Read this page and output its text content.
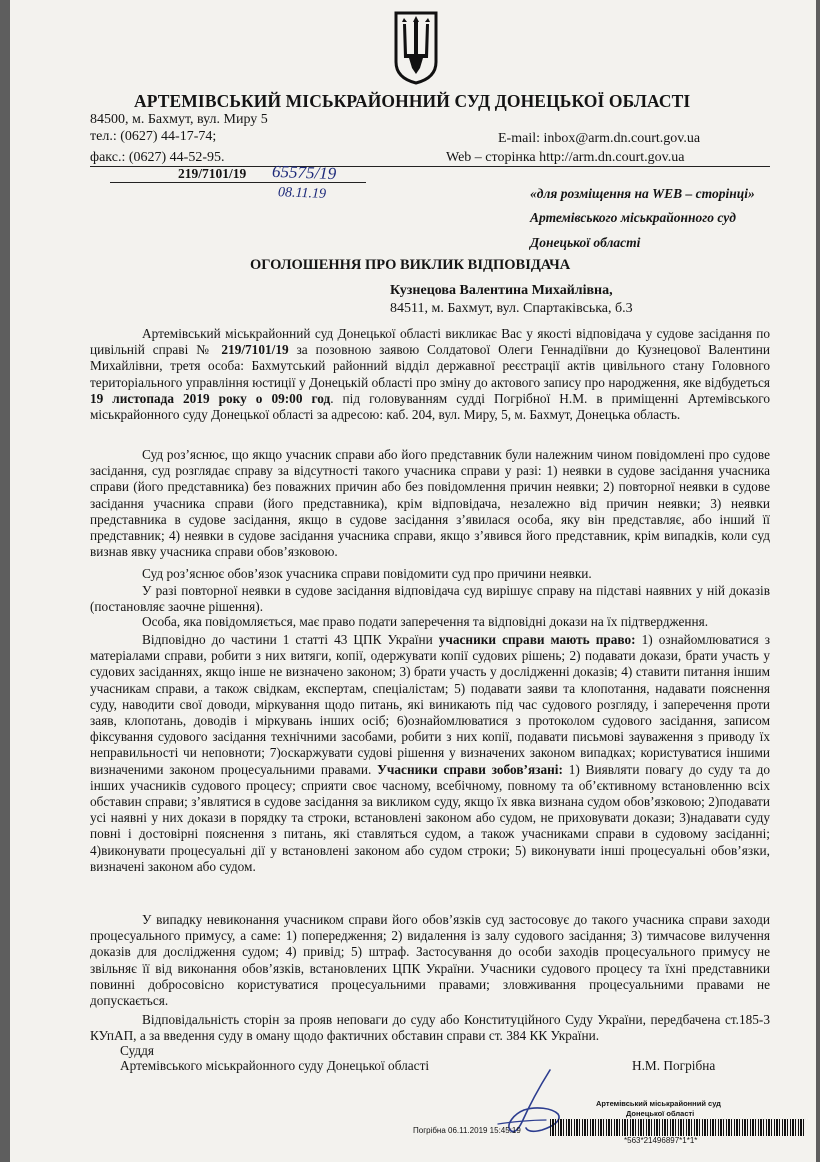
АРТЕМІВСЬКИЙ МІСЬКРАЙОННИЙ СУД ДОНЕЦЬКОЇ ОБЛАСТІ
84500, м. Бахмут, вул. Миру 5
тел.: (0627) 44-17-74;
факс.: (0627) 44-52-95.
E-mail: inbox@arm.dn.court.gov.ua
Web – сторінка http://arm.dn.court.gov.ua
219/7101/19 65575/19
08.11.19	«для розміщення на WEB – сторінці»
Артемівського міськрайонного суд
Донецької області
ОГОЛОШЕННЯ ПРО ВИКЛИК ВІДПОВІДАЧА
Кузнецова Валентина Михайлівна,
84511, м. Бахмут, вул. Спартаківська, б.3

Артемівський міськрайонний суд Донецької області викликає Вас у якості відповідача у судове засідання по цивільній справі № 219/7101/19 за позовною заявою Солдатової Олеги Геннадіївни до Кузнецової Валентини Михайлівни, третя особа: Бахмутський районний відділ державної реєстрації актів цивільного стану Головного територіального управління юстиції у Донецькій області про зміну до актового запису про народження, яке відбудеться 19 листопада 2019 року о 09:00 год. під головуванням судді Погрібної Н.М. в приміщенні Артемівського міськрайонного суду Донецької області за адресою: каб. 204, вул. Миру, 5, м. Бахмут, Донецька область.

Суд роз’яснює, що якщо учасник справи або його представник були належним чином повідомлені про судове засідання, суд розглядає справу за відсутності такого учасника справи у разі: 1) неявки в судове засідання учасника справи (його представника) без поважних причин або без повідомлення причин неявки; 2) повторної неявки в судове засідання учасника справи (його представника), крім відповідача, незалежно від причин неявки; 3) неявки представника в судове засідання, якщо в судове засідання з’явилася особа, яку він представляє, або інший її представник; 4) неявки в судове засідання учасника справи, якщо з’явився його представник, крім випадків, коли суд визнав явку учасника справи обов’язковою.

Суд роз’яснює обов’язок учасника справи повідомити суд про причини неявки.

У разі повторної неявки в судове засідання відповідача суд вирішує справу на підставі наявних у ній доказів (постановляє заочне рішення).

Особа, яка повідомляється, має право подати заперечення та відповідні докази на їх підтвердження.

Відповідно до частини 1 статті 43 ЦПК України учасники справи мають право: 1) ознайомлюватися з матеріалами справи, робити з них витяги, копії, одержувати копії судових рішень; 2) подавати докази, брати участь у судових засіданнях, якщо інше не визначено законом; 3) брати участь у дослідженні доказів; 4) ставити питання іншим учасникам справи, а також свідкам, експертам, спеціалістам; 5) подавати заяви та клопотання, надавати пояснення суду, наводити свої доводи, міркування щодо питань, які виникають під час судового розгляду, і заперечення проти заяв, клопотань, доводів і міркувань інших осіб; 6)ознайомлюватися з протоколом судового засідання, записом фіксування судового засідання технічними засобами, робити з них копії, подавати письмові зауваження з приводу їх неправильності чи неповноти; 7)оскаржувати судові рішення у визначених законом випадках; користуватися іншими визначеними законом процесуальними правами. Учасники справи зобов’язані: 1) Виявляти повагу до суду та до інших учасників судового процесу; сприяти своє часному, всебічному, повному та об’єктивному встановленню всіх обставин справи; з’являтися в судове засідання за викликом суду, якщо їх явка визнана судом обов’язковою; 2)подавати усі наявні у них докази в порядку та строки, встановлені законом або судом, не приховувати докази; 3)надавати суду повні і достовірні пояснення з питань, які ставляться судом, а також учасниками справи в судовому засіданні; 4)виконувати процесуальні дії у встановлені законом або судом строки; 5) виконувати інші процесуальні обов’язки, визначені законом або судом.

У випадку невиконання учасником справи його обов’язків суд застосовує до такого учасника справи заходи процесуального примусу, а саме: 1) попередження; 2) видалення із залу судового засідання; 3) тимчасове вилучення доказів для дослідження судом; 4) привід; 5) штраф. Застосування до особи заходів процесуального примусу не звільняє її від виконання обов’язків, встановлених ЦПК України. Учасники судового процесу та їхні представники повинні добросовісно користуватися процесуальними правами; зловживання процесуальними правами не допускається.

Відповідальність сторін за прояв неповаги до суду або Конституційного Суду України, передбачена ст.185-3 КУпАП, а за введення суду в оману щодо фактичних обставин справи ст. 384 КК України.

Суддя
Артемівського міськрайонного суду Донецької області	Н.М. Погрібна
Артемівський міськрайонний суд
Донецької області
Погрібна 06.11.2019 15:45:19
*563*21496897*1*1*
